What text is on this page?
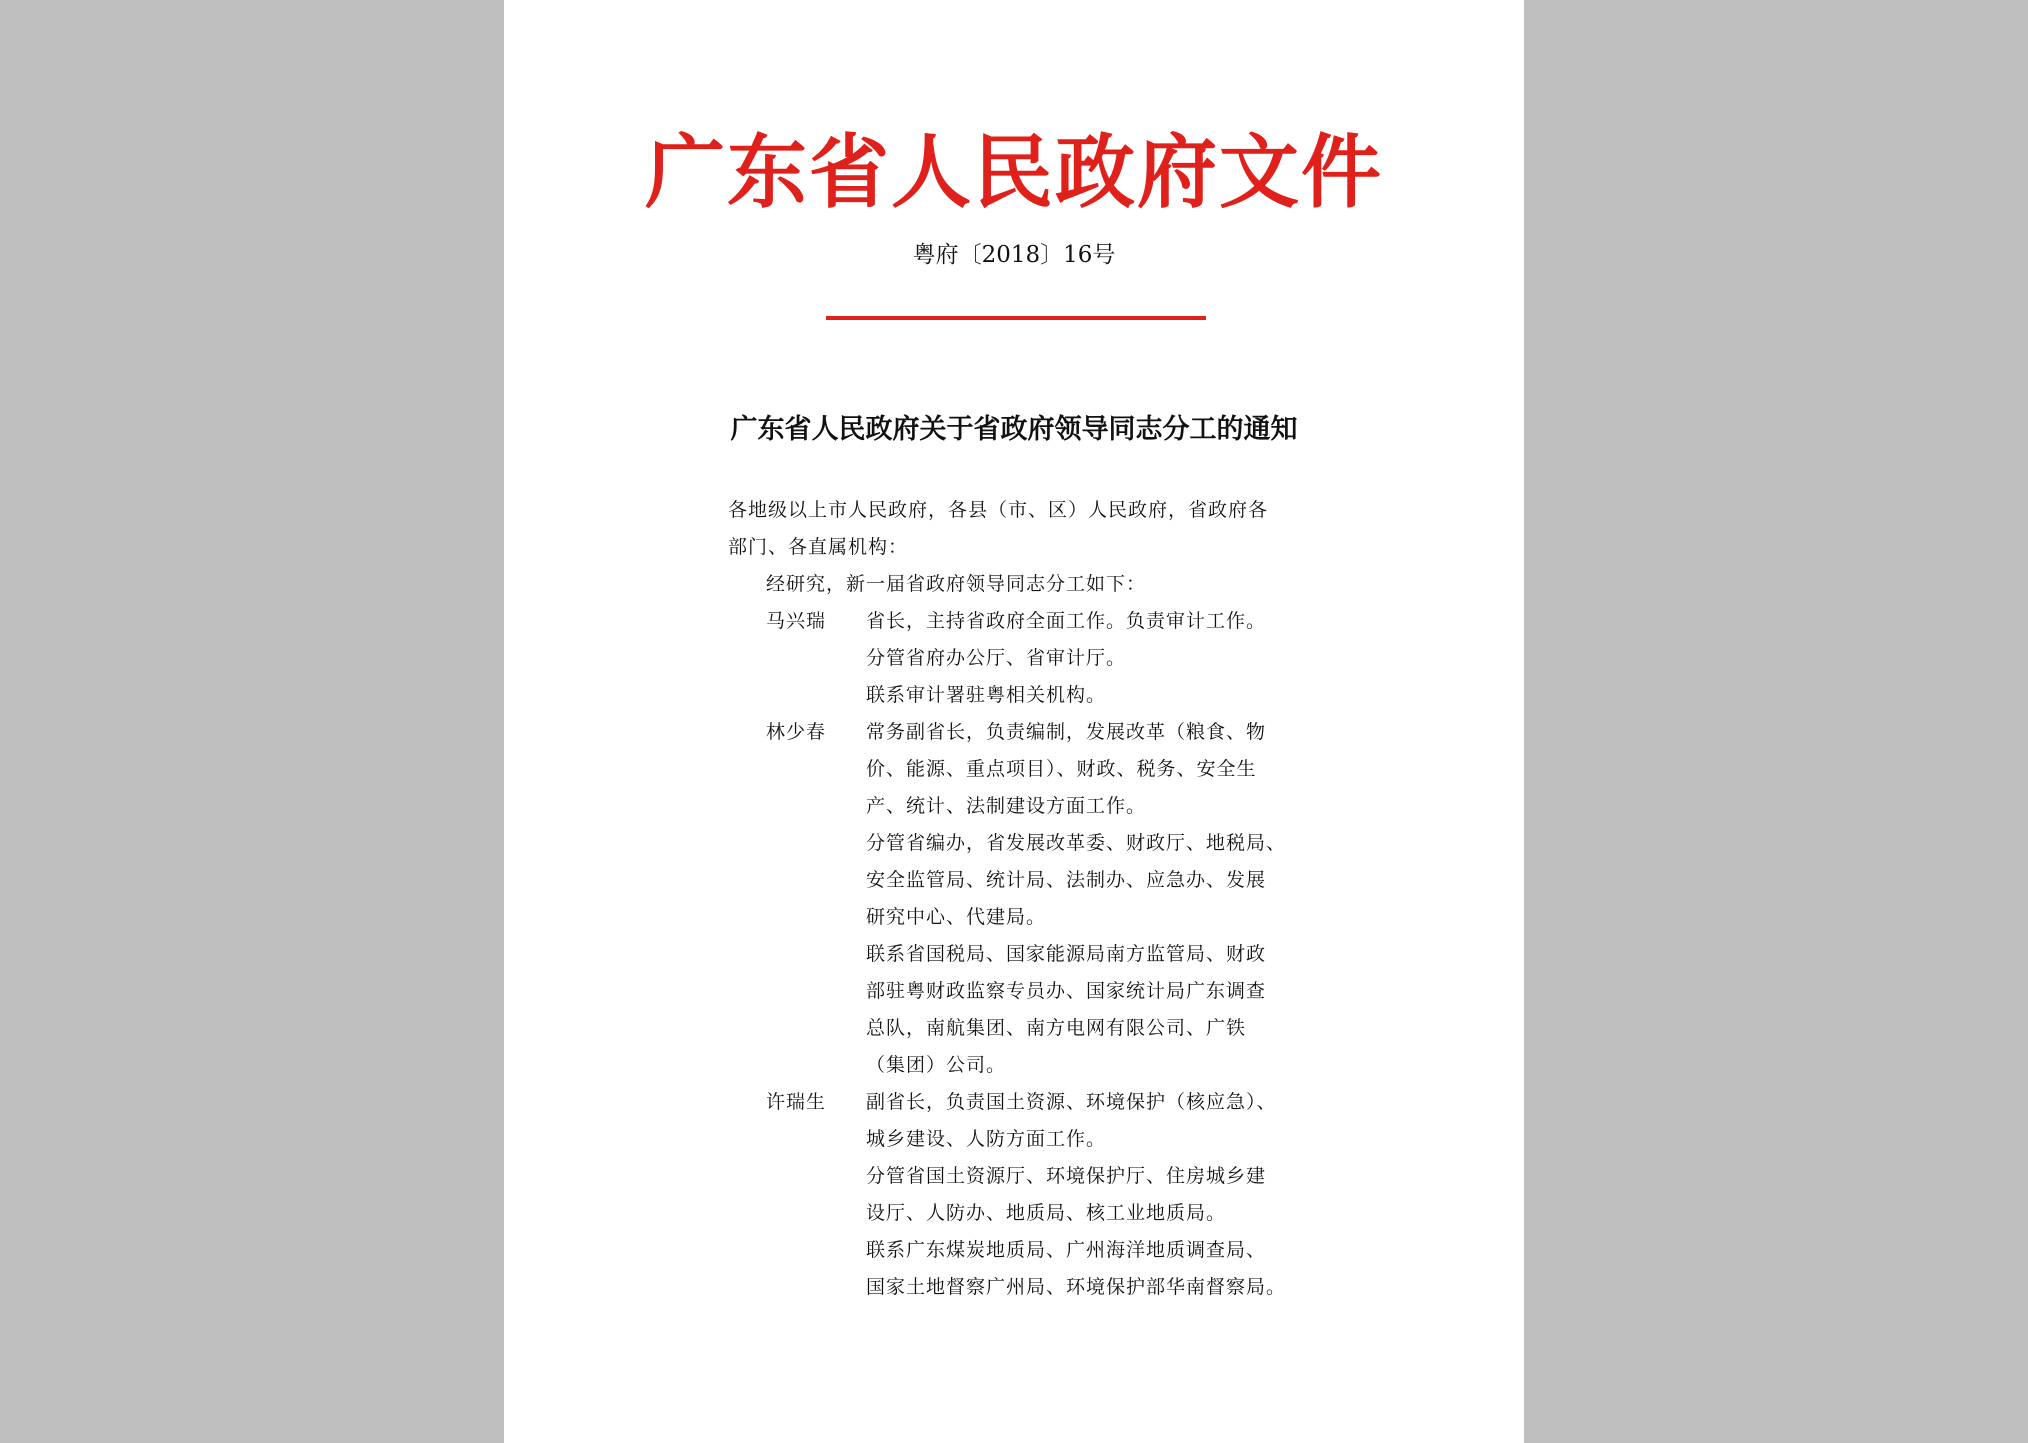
广东省人民政府文件
粤府〔2018〕16号
广东省人民政府关于省政府领导同志分工的通知
各地级以上市人民政府，各县（市、区）人民政府，省政府各
部门、各直属机构：
经研究，新一届省政府领导同志分工如下：
马兴瑞 省长，主持省政府全面工作。负责审计工作。
分管省府办公厅、省审计厅。
联系审计署驻粤相关机构。
林少春 常务副省长，负责编制，发展改革（粮食、物
价、能源、重点项目）、财政、税务、安全生
产、统计、法制建设方面工作。
分管省编办，省发展改革委、财政厅、地税局、
安全监管局、统计局、法制办、应急办、发展
研究中心、代建局。
联系省国税局、国家能源局南方监管局、财政
部驻粤财政监察专员办、国家统计局广东调查
总队，南航集团、南方电网有限公司、广铁
（集团）公司。
许瑞生 副省长，负责国土资源、环境保护（核应急）、
城乡建设、人防方面工作。
分管省国土资源厅、环境保护厅、住房城乡建
设厅、人防办、地质局、核工业地质局。
联系广东煤炭地质局、广州海洋地质调查局、
国家土地督察广州局、环境保护部华南督察局。
